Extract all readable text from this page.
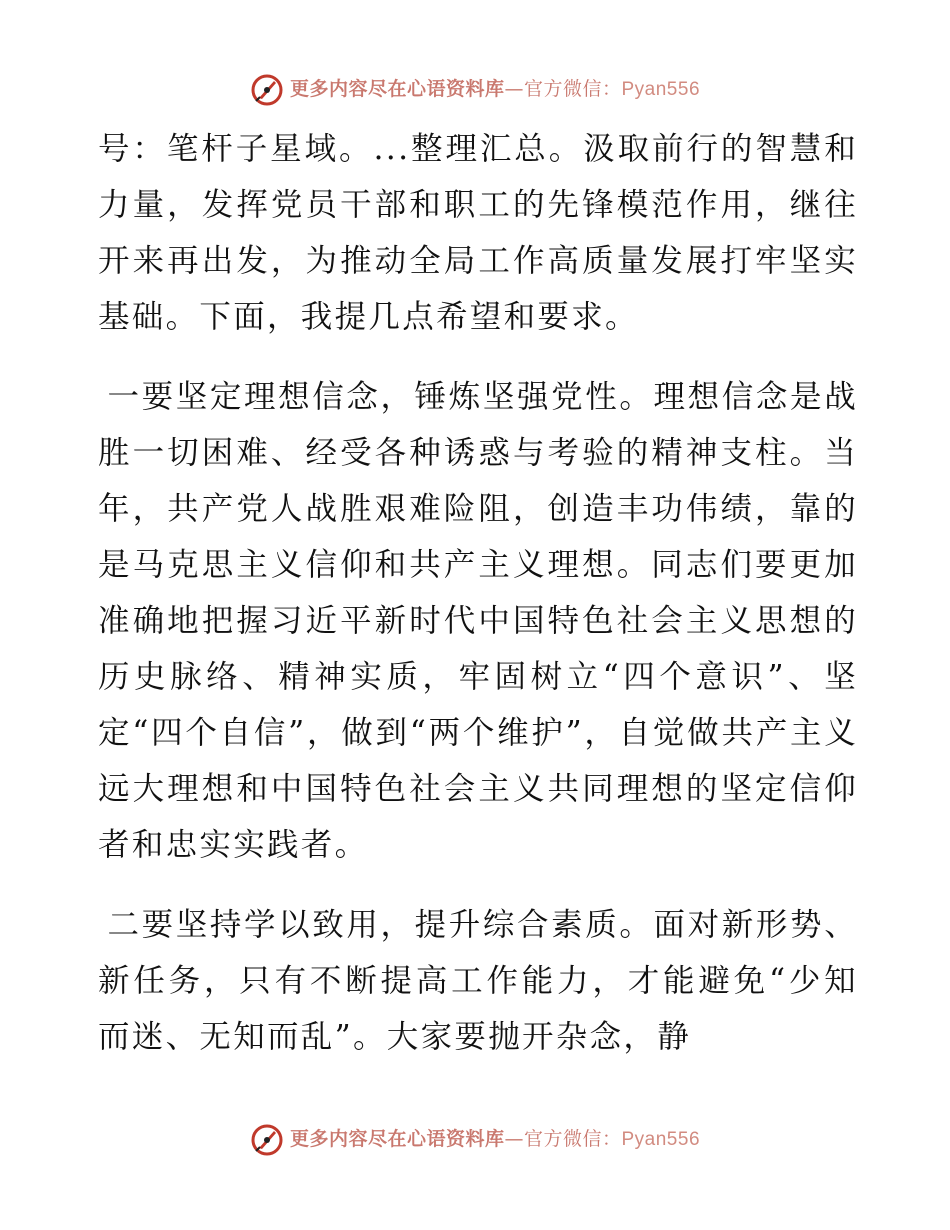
更多内容尽在心语资料库—官方微信：Pyan556

号：笔杆子星域。...整理汇总。汲取前行的智慧和力量，发挥党员干部和职工的先锋模范作用，继往开来再出发，为推动全局工作高质量发展打牢坚实基础。下面，我提几点希望和要求。

一要坚定理想信念，锤炼坚强党性。理想信念是战胜一切困难、经受各种诱惑与考验的精神支柱。当年，共产党人战胜艰难险阻，创造丰功伟绩，靠的是马克思主义信仰和共产主义理想。同志们要更加准确地把握习近平新时代中国特色社会主义思想的历史脉络、精神实质，牢固树立“四个意识”、坚定“四个自信”，做到“两个维护”，自觉做共产主义远大理想和中国特色社会主义共同理想的坚定信仰者和忠实实践者。

二要坚持学以致用，提升综合素质。面对新形势、新任务，只有不断提高工作能力，才能避免“少知而迷、无知而乱”。大家要抛开杂念，静

更多内容尽在心语资料库—官方微信：Pyan556
